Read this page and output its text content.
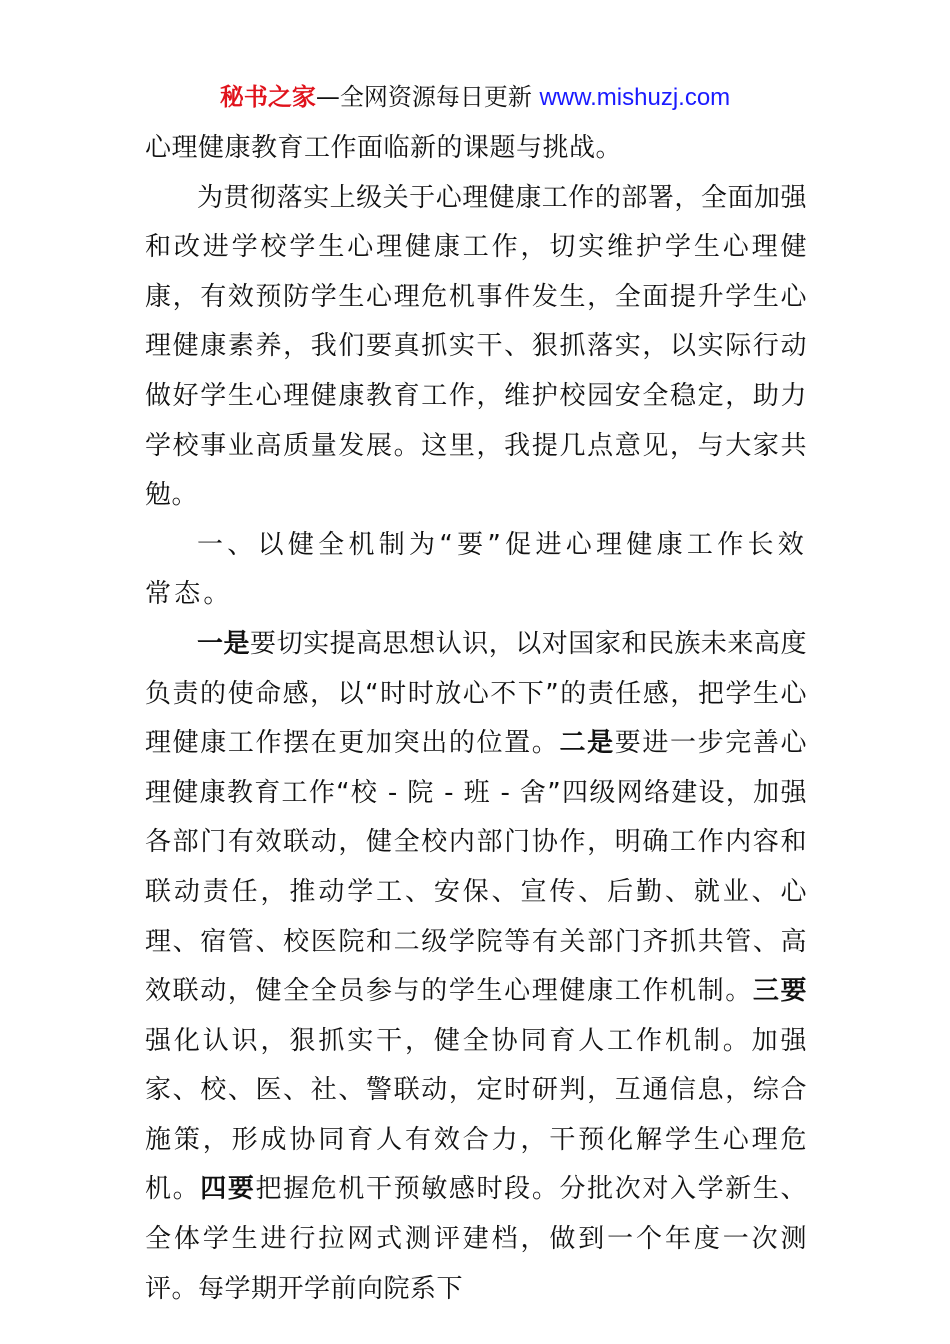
秘书之家—全网资源每日更新 www.mishuzj.com

心理健康教育工作面临新的课题与挑战。

为贯彻落实上级关于心理健康工作的部署，全面加强和改进学校学生心理健康工作，切实维护学生心理健康，有效预防学生心理危机事件发生，全面提升学生心理健康素养，我们要真抓实干、狠抓落实，以实际行动做好学生心理健康教育工作，维护校园安全稳定，助力学校事业高质量发展。这里，我提几点意见，与大家共勉。

一、以健全机制为“要”促进心理健康工作长效常态。

一是要切实提高思想认识，以对国家和民族未来高度负责的使命感，以“时时放心不下”的责任感，把学生心理健康工作摆在更加突出的位置。二是要进一步完善心理健康教育工作“校 - 院 - 班 - 舍”四级网络建设，加强各部门有效联动，健全校内部门协作，明确工作内容和联动责任，推动学工、安保、宣传、后勤、就业、心理、宿管、校医院和二级学院等有关部门齐抓共管、高效联动，健全全员参与的学生心理健康工作机制。三要强化认识，狠抓实干，健全协同育人工作机制。加强家、校、医、社、警联动，定时研判，互通信息，综合施策，形成协同育人有效合力，干预化解学生心理危机。四要把握危机干预敏感时段。分批次对入学新生、全体学生进行拉网式测评建档，做到一个年度一次测评。每学期开学前向院系下
